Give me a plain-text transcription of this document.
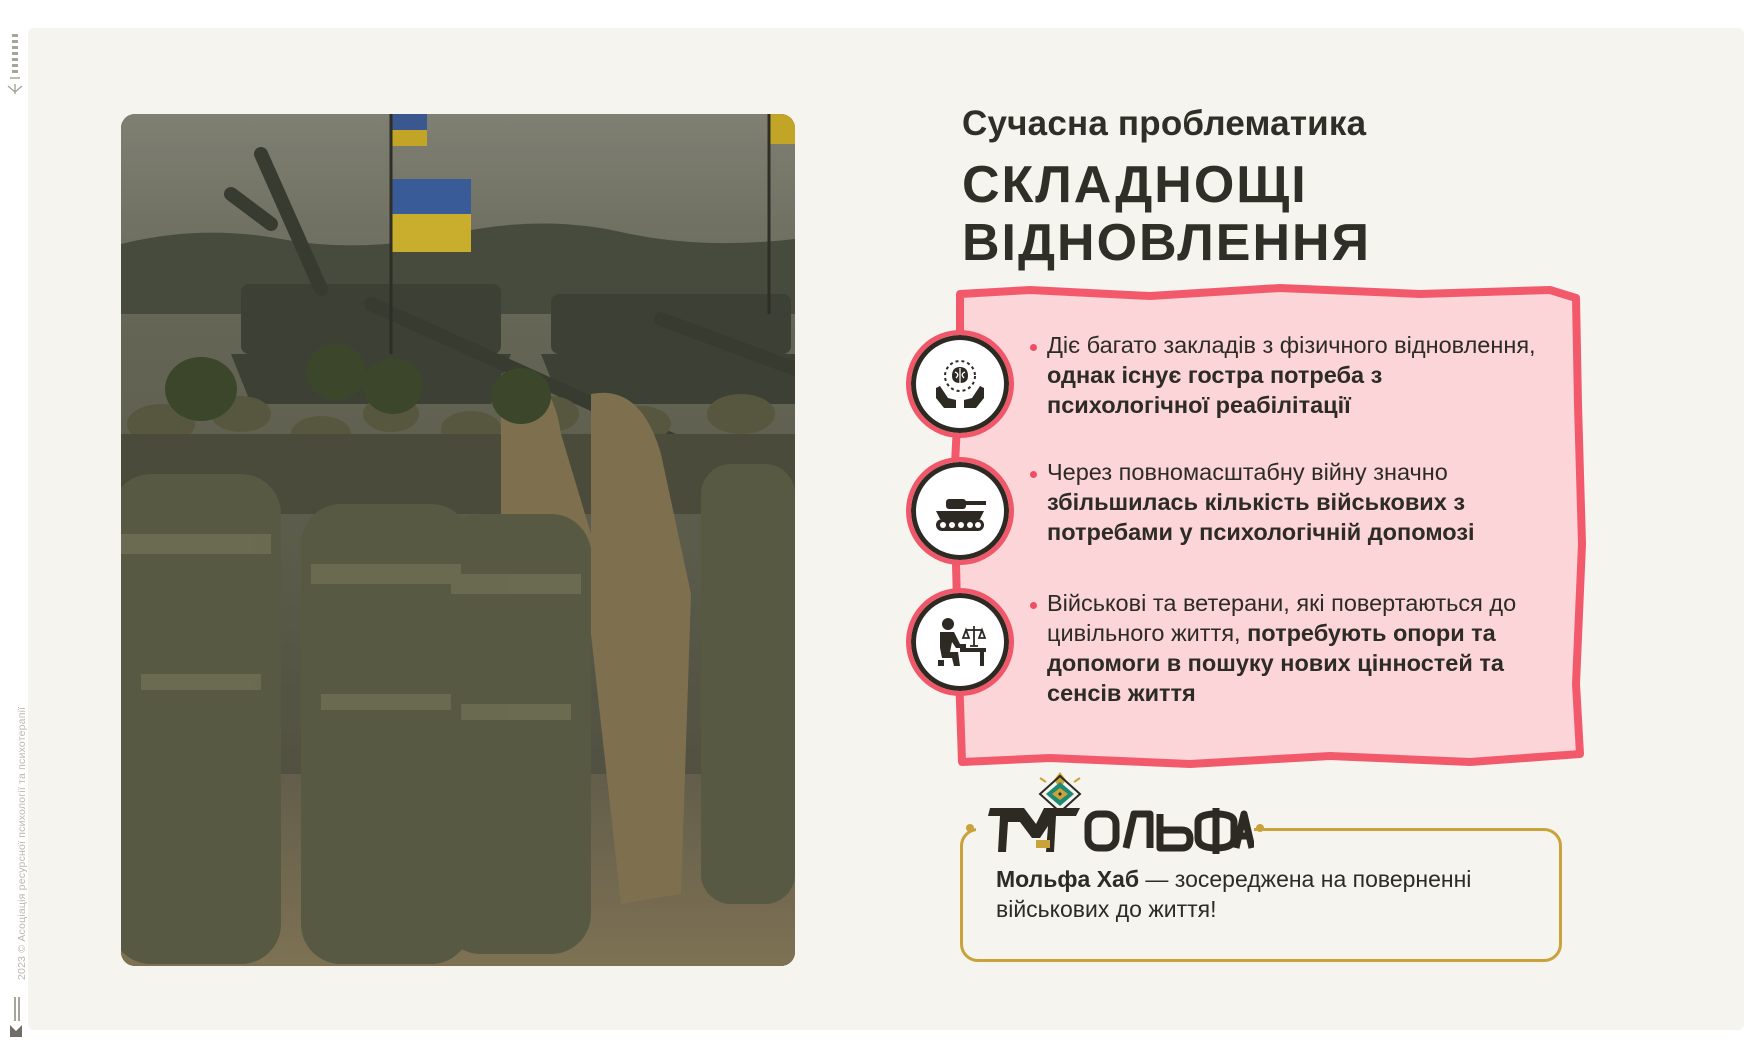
2023 © Асоціація ресурсної психології та психотерапії
Сучасна проблематика
СКЛАДНОЩІ
ВІДНОВЛЕННЯ

Діє багато закладів з фізичного відновлення, однак існує гостра потреба з психологічної реабілітації

Через повномасштабну війну значно збільшилась кількість військових з потребами у психологічній допомозі

Військові та ветерани, які повертаються до цивільного життя, потребують опори та допомоги в пошуку нових цінностей та сенсів життя

Мольфа Хаб — зосереджена на поверненні військових до життя!
